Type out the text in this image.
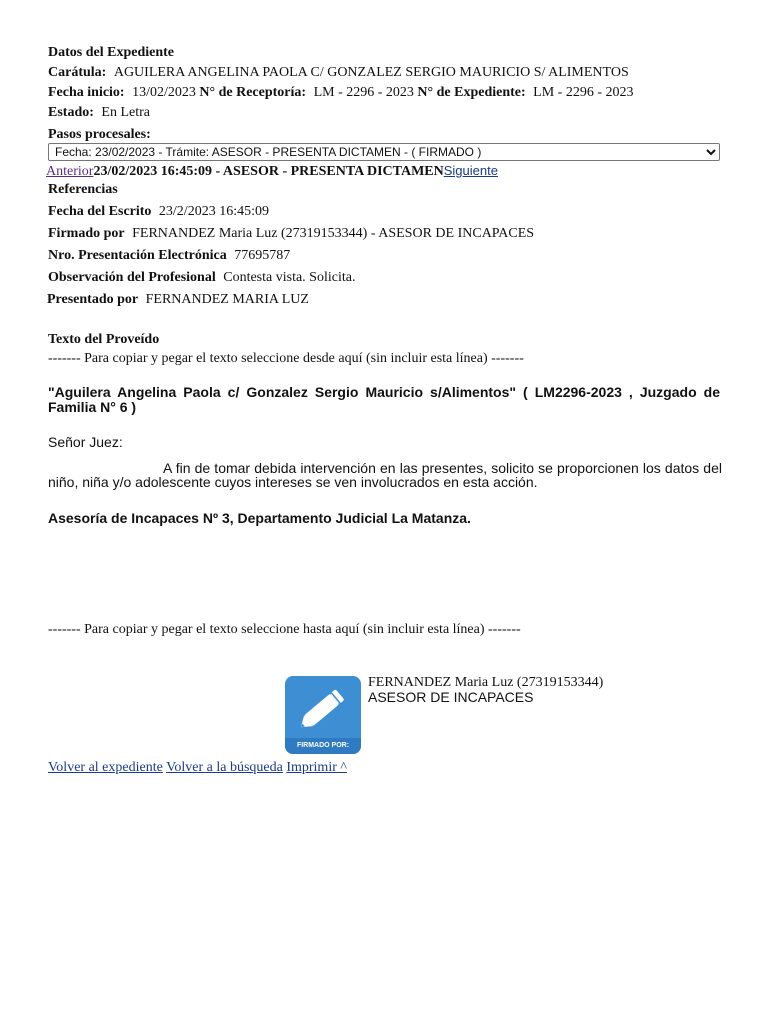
Datos del Expediente
Carátula: AGUILERA ANGELINA PAOLA C/ GONZALEZ SERGIO MAURICIO S/ ALIMENTOS
Fecha inicio: 13/02/2023 N° de Receptoría: LM - 2296 - 2023 N° de Expediente: LM - 2296 - 2023
Estado: En Letra
Pasos procesales:
Fecha: 23/02/2023 - Trámite: ASESOR - PRESENTA DICTAMEN - ( FIRMADO )
Anterior23/02/2023 16:45:09 - ASESOR - PRESENTA DICTAMENSiguiente
Referencias
Fecha del Escrito 23/2/2023 16:45:09
Firmado por FERNANDEZ Maria Luz (27319153344) - ASESOR DE INCAPACES
Nro. Presentación Electrónica 77695787
Observación del Profesional Contesta vista. Solicita.
Presentado por FERNANDEZ MARIA LUZ
Texto del Proveído
------- Para copiar y pegar el texto seleccione desde aquí (sin incluir esta línea) -------
"Aguilera Angelina Paola c/ Gonzalez Sergio Mauricio s/Alimentos" ( LM2296-2023 , Juzgado de Familia N° 6 )
Señor Juez:
A fin de tomar debida intervención en las presentes, solicito se proporcionen los datos del niño, niña y/o adolescente cuyos intereses se ven involucrados en esta acción.
Asesoría de Incapaces Nº 3, Departamento Judicial La Matanza.
------- Para copiar y pegar el texto seleccione hasta aquí (sin incluir esta línea) -------
FIRMADO POR:
FERNANDEZ Maria Luz (27319153344)
ASESOR DE INCAPACES
Volver al expediente Volver a la búsqueda Imprimir ^
